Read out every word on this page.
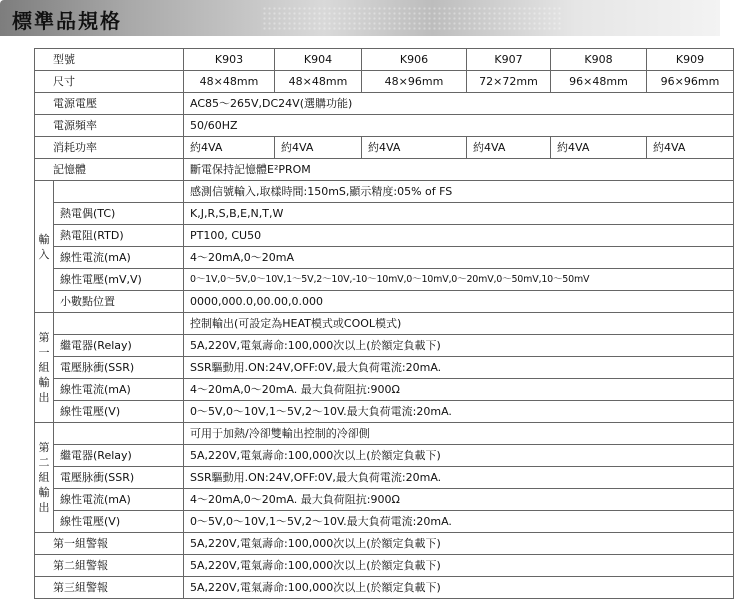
標準品規格
型號		K903	K904	K906	K907	K908	K909
尺寸		48×48mm	48×48mm	48×96mm	72×72mm	96×48mm	96×96mm
電源電壓		AC85～265V,DC24V(選購功能)					
電源頻率		50/60HZ					
消耗功率		約4VA	約4VA	約4VA	約4VA	約4VA	約4VA
記憶體		斷電保持記憶體E²PROM					
輸
入		感測信號輸入,取樣時間:150mS,顯示精度:05% of FS					
	熱電偶(TC)	K,J,R,S,B,E,N,T,W					
	熱電阻(RTD)	PT100, CU50					
	線性電流(mA)	4～20mA,0～20mA					
	線性電壓(mV,V)	0～1V,0～5V,0～10V,1～5V,2～10V,-10～10mV,0～10mV,0～20mV,0～50mV,10～50mV					
	小數點位置	0000,000.0,00.00,0.000					
第
一
組
輸
出		控制輸出(可設定為HEAT模式或COOL模式)					
	繼電器(Relay)	5A,220V,電氣壽命:100,000次以上(於額定負載下)					
	電壓脉衝(SSR)	SSR驅動用.ON:24V,OFF:0V,最大負荷電流:20mA.					
	線性電流(mA)	4～20mA,0～20mA. 最大負荷阻抗:900Ω					
	線性電壓(V)	0～5V,0～10V,1～5V,2～10V.最大負荷電流:20mA.					
第
二
組
輸
出		可用于加熱/冷卻雙輸出控制的冷卻側					
	繼電器(Relay)	5A,220V,電氣壽命:100,000次以上(於額定負載下)					
	電壓脉衝(SSR)	SSR驅動用.ON:24V,OFF:0V,最大負荷電流:20mA.					
	線性電流(mA)	4～20mA,0～20mA. 最大負荷阻抗:900Ω					
	線性電壓(V)	0～5V,0～10V,1～5V,2～10V.最大負荷電流:20mA.					
第一組警報		5A,220V,電氣壽命:100,000次以上(於額定負載下)					
第二組警報		5A,220V,電氣壽命:100,000次以上(於額定負載下)					
第三組警報		5A,220V,電氣壽命:100,000次以上(於額定負載下)					
